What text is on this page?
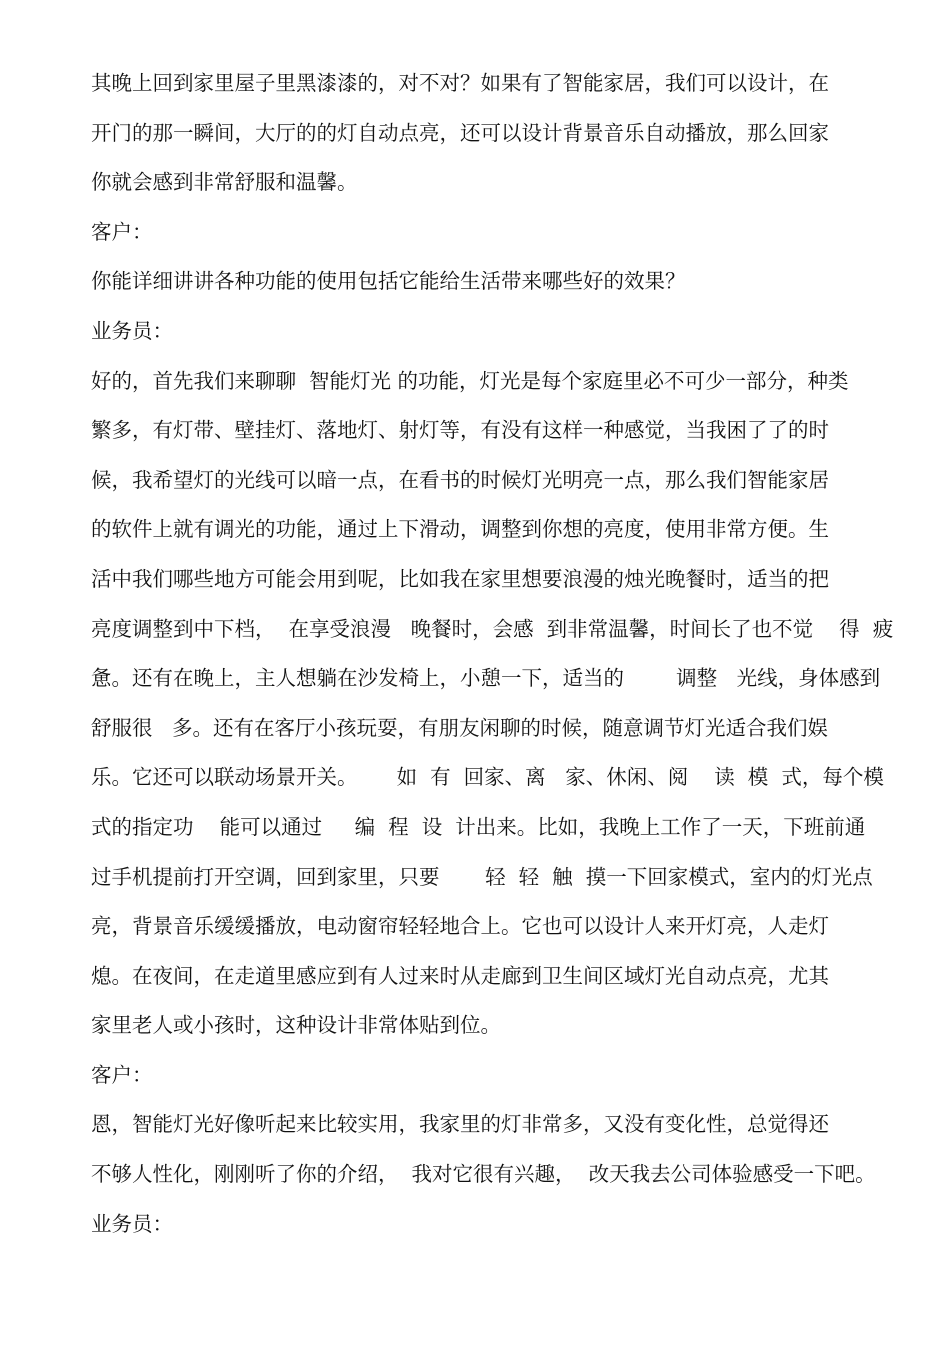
其晚上回到家里屋子里黑漆漆的，对不对？如果有了智能家居，我们可以设计，在
开门的那一瞬间，大厅的的灯自动点亮，还可以设计背景音乐自动播放，那么回家
你就会感到非常舒服和温馨。
客户：
你能详细讲讲各种功能的使用包括它能给生活带来哪些好的效果？
业务员：
好的，首先我们来聊聊  智能灯光 的功能，灯光是每个家庭里必不可少一部分，种类
繁多，有灯带、壁挂灯、落地灯、射灯等，有没有这样一种感觉，当我困了了的时
候，我希望灯的光线可以暗一点，在看书的时候灯光明亮一点，那么我们智能家居
的软件上就有调光的功能，通过上下滑动，调整到你想的亮度，使用非常方便。生
活中我们哪些地方可能会用到呢，比如我在家里想要浪漫的烛光晚餐时，适当的把
亮度调整到中下档，  在享受浪漫   晚餐时，会感  到非常温馨，时间长了也不觉    得  疲
惫。还有在晚上，主人想躺在沙发椅上，小憩一下，适当的        调整   光线，身体感到
舒服很   多。还有在客厅小孩玩耍，有朋友闲聊的时候，随意调节灯光适合我们娱
乐。它还可以联动场景开关。      如  有  回家、离   家、休闲、阅    读  模  式，每个模
式的指定功    能可以通过     编  程  设  计出来。比如，我晚上工作了一天，下班前通
过手机提前打开空调，回到家里，只要       轻  轻  触  摸一下回家模式，室内的灯光点
亮，背景音乐缓缓播放，电动窗帘轻轻地合上。它也可以设计人来开灯亮，人走灯
熄。在夜间，在走道里感应到有人过来时从走廊到卫生间区域灯光自动点亮，尤其
家里老人或小孩时，这种设计非常体贴到位。
客户：
恩，智能灯光好像听起来比较实用，我家里的灯非常多，又没有变化性，总觉得还
不够人性化，刚刚听了你的介绍，  我对它很有兴趣，  改天我去公司体验感受一下吧。
业务员：
